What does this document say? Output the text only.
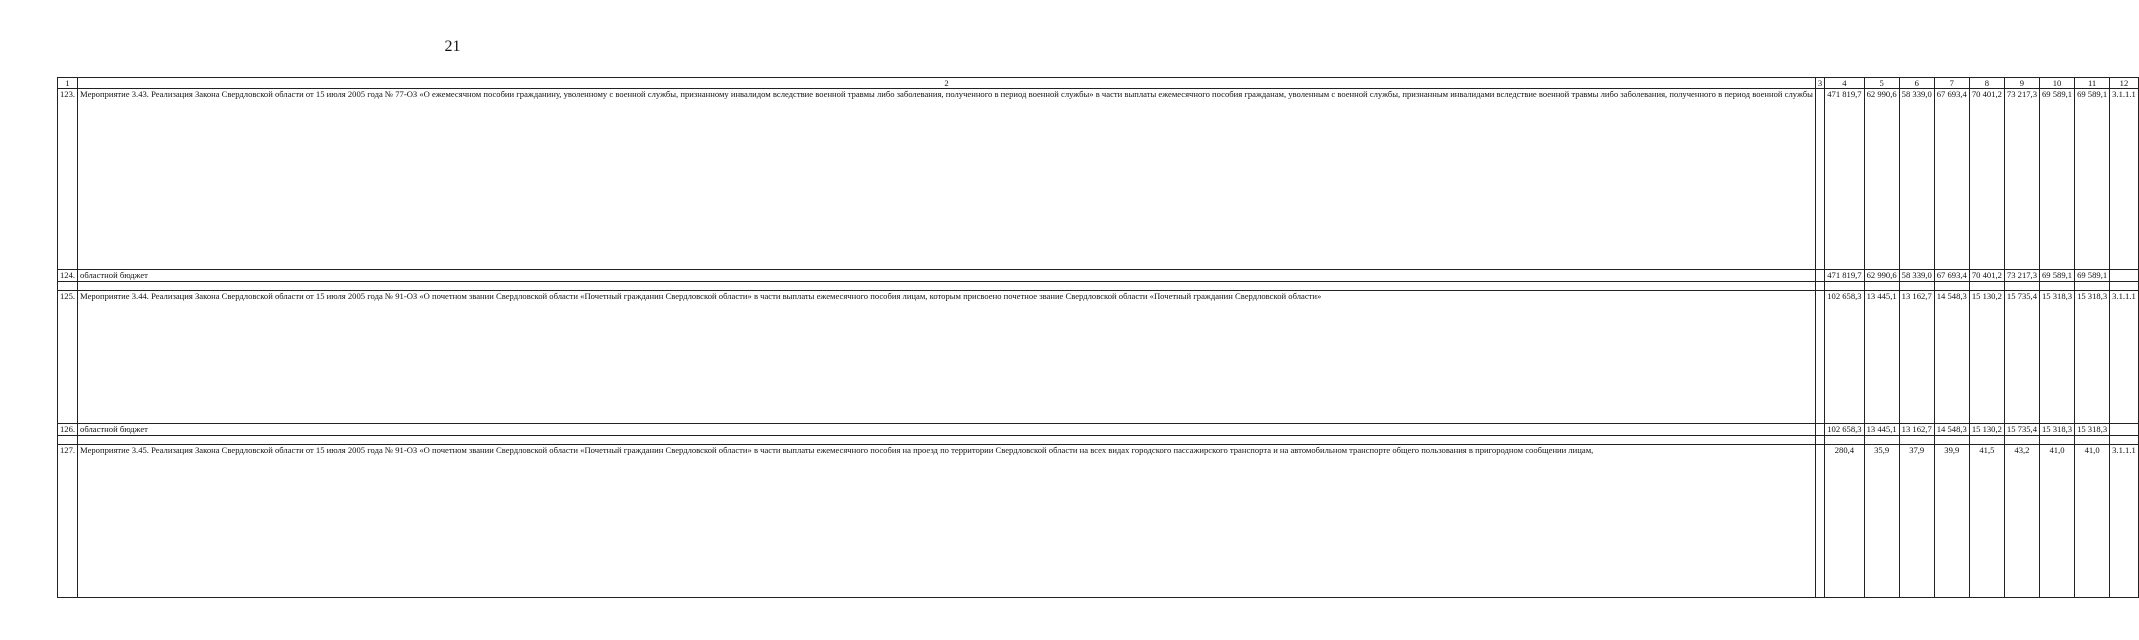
21
1	2	3	4	5	6	7	8	9	10	11	12
123.	Мероприятие 3.43. Реализация Закона Свердловской области от 15 июля 2005 года № 77-ОЗ «О ежемесячном пособии гражданину, уволенному с военной службы, признанному инвалидом вследствие военной травмы либо заболевания, полученного в период военной службы» в части выплаты ежемесячного пособия гражданам, уволенным с военной службы, признанным инвалидами вследствие военной травмы либо заболевания, полученного в период военной службы		471 819,7	62 990,6	58 339,0	67 693,4	70 401,2	73 217,3	69 589,1	69 589,1	3.1.1.1
124.	областной бюджет		471 819,7	62 990,6	58 339,0	67 693,4	70 401,2	73 217,3	69 589,1	69 589,1	

125.	Мероприятие 3.44. Реализация Закона Свердловской области от 15 июля 2005 года № 91-ОЗ «О почетном звании Свердловской области «Почетный гражданин Свердловской области» в части выплаты ежемесячного пособия лицам, которым присвоено почетное звание Свердловской области «Почетный гражданин Свердловской области»		102 658,3	13 445,1	13 162,7	14 548,3	15 130,2	15 735,4	15 318,3	15 318,3	3.1.1.1
126.	областной бюджет		102 658,3	13 445,1	13 162,7	14 548,3	15 130,2	15 735,4	15 318,3	15 318,3	

127.	Мероприятие 3.45. Реализация Закона Свердловской области от 15 июля 2005 года № 91-ОЗ «О почетном звании Свердловской области «Почетный гражданин Свердловской области» в части выплаты ежемесячного пособия на проезд по территории Свердловской области на всех видах городского пассажирского транспорта и на автомобильном транспорте общего пользования в пригородном сообщении лицам,		280,4	35,9	37,9	39,9	41,5	43,2	41,0	41,0	3.1.1.1
